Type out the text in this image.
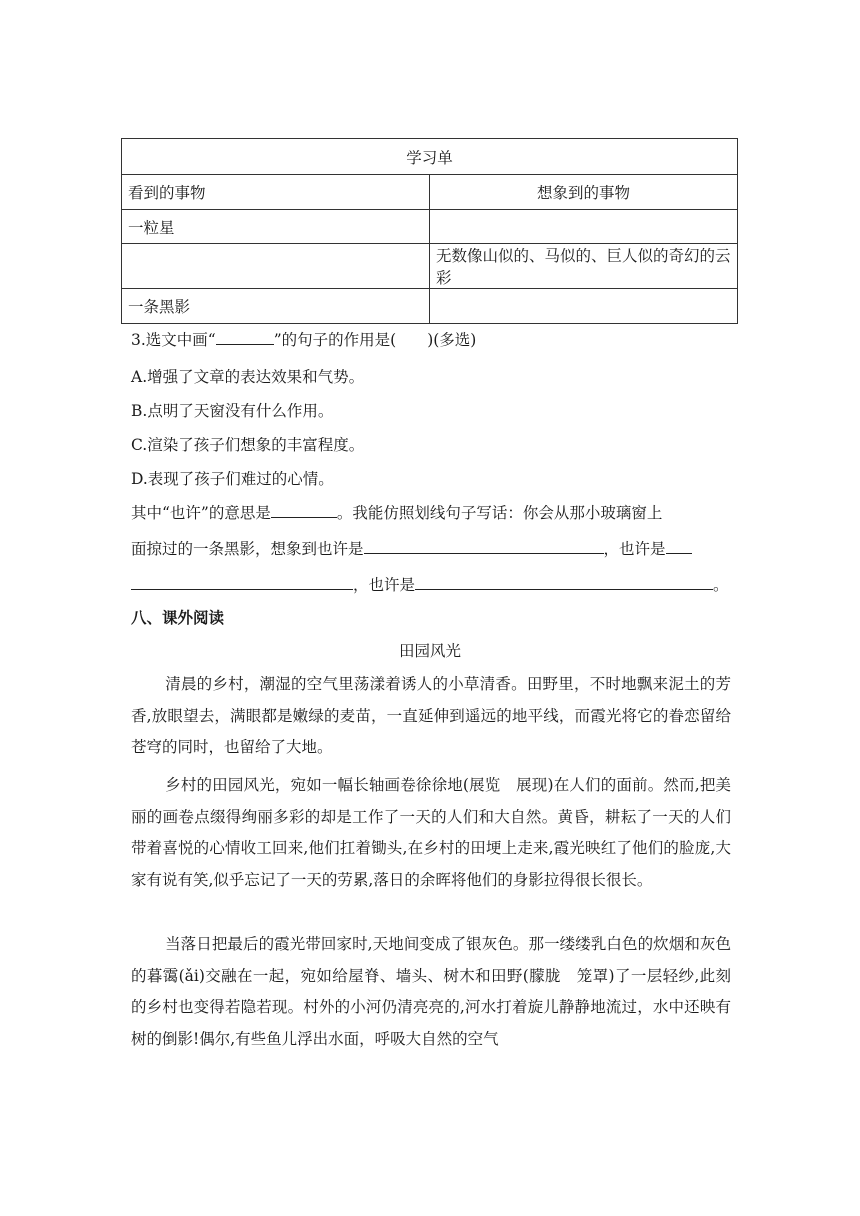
学习单	
看到的事物	想象到的事物
一粒星	
	无数像山似的、马似的、巨人似的奇幻的云彩
一条黑影	
3.选文中画“	”的句子的作用是(　　)(多选)
A.增强了文章的表达效果和气势。
B.点明了天窗没有什么作用。
C.渲染了孩子们想象的丰富程度。
D.表现了孩子们难过的心情。
其中“也许”的意思是	。我能仿照划线句子写话：你会从那小玻璃窗上
面掠过的一条黑影，想象到也许是	，也许是
，也许是	。
八、课外阅读
田园风光
清晨的乡村，潮湿的空气里荡漾着诱人的小草清香。田野里，不时地飘来泥土的芳香,放眼望去，满眼都是嫩绿的麦苗，一直延伸到遥远的地平线，而霞光将它的眷恋留给苍穹的同时，也留给了大地。
乡村的田园风光，宛如一幅长轴画卷徐徐地(展览　展现)在人们的面前。然而,把美丽的画卷点缀得绚丽多彩的却是工作了一天的人们和大自然。黄昏，耕耘了一天的人们带着喜悦的心情收工回来,他们扛着锄头,在乡村的田埂上走来,霞光映红了他们的脸庞,大家有说有笑,似乎忘记了一天的劳累,落日的余晖将他们的身影拉得很长很长。
当落日把最后的霞光带回家时,天地间变成了银灰色。那一缕缕乳白色的炊烟和灰色的暮霭(ǎi)交融在一起，宛如给屋脊、墙头、树木和田野(朦胧　笼罩)了一层轻纱,此刻的乡村也变得若隐若现。村外的小河仍清亮亮的,河水打着旋儿静静地流过，水中还映有树的倒影!偶尔,有些鱼儿浮出水面，呼吸大自然的空气
